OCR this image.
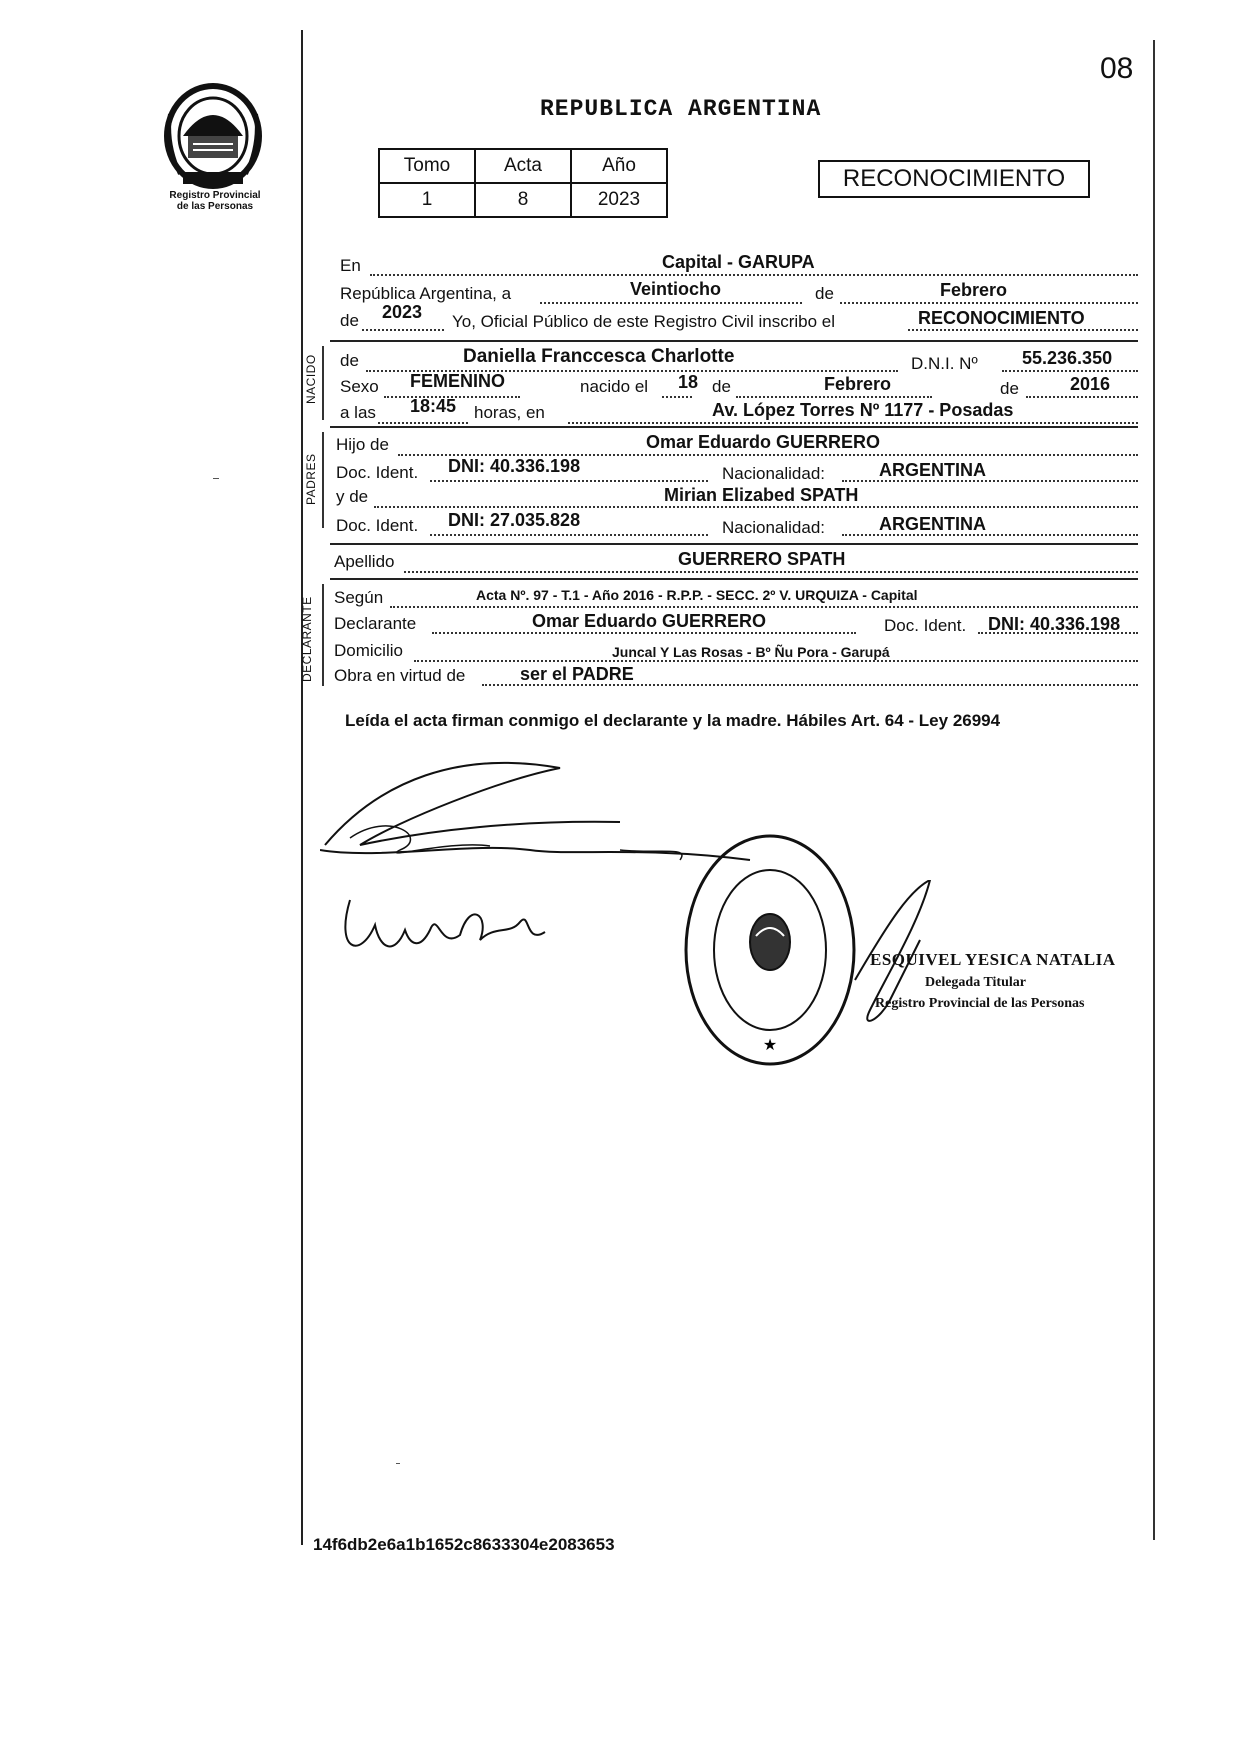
08
REPUBLICA ARGENTINA
Registro Provincial
de las Personas
Tomo	Acta	Año
1	8	2023
RECONOCIMIENTO
En	Capital - GARUPA
República Argentina, a	Veintiocho	de	Febrero
de 2023 Yo, Oficial Público de este Registro Civil inscribo el	RECONOCIMIENTO
NACIDO de	Daniella Franccesca Charlotte	D.N.I. Nº 55.236.350
Sexo FEMENINO	nacido el 18 de	Febrero	de	2016
a las 18:45 horas, en	Av. López Torres Nº 1177 - Posadas
PADRES
Hijo de	Omar Eduardo GUERRERO
Doc. Ident. DNI: 40.336.198	Nacionalidad:	ARGENTINA
y de	Mirian Elizabed SPATH
Doc. Ident. DNI: 27.035.828	Nacionalidad:	ARGENTINA
Apellido	GUERRERO SPATH
DECLARANTE Según	Acta Nº. 97 - T.1 - Año 2016 - R.P.P. - SECC. 2º V. URQUIZA - Capital
Declarante	Omar Eduardo GUERRERO	Doc. Ident. DNI: 40.336.198
Domicilio	Juncal Y Las Rosas - Bº Ñu Pora - Garupá
Obra en virtud de	ser el PADRE
Leída el acta firman conmigo el declarante y la madre. Hábiles Art. 64 - Ley 26994
★
ESQUIVEL YESICA NATALIA
Delegada Titular
Registro Provincial de las Personas
14f6db2e6a1b1652c8633304e2083653
